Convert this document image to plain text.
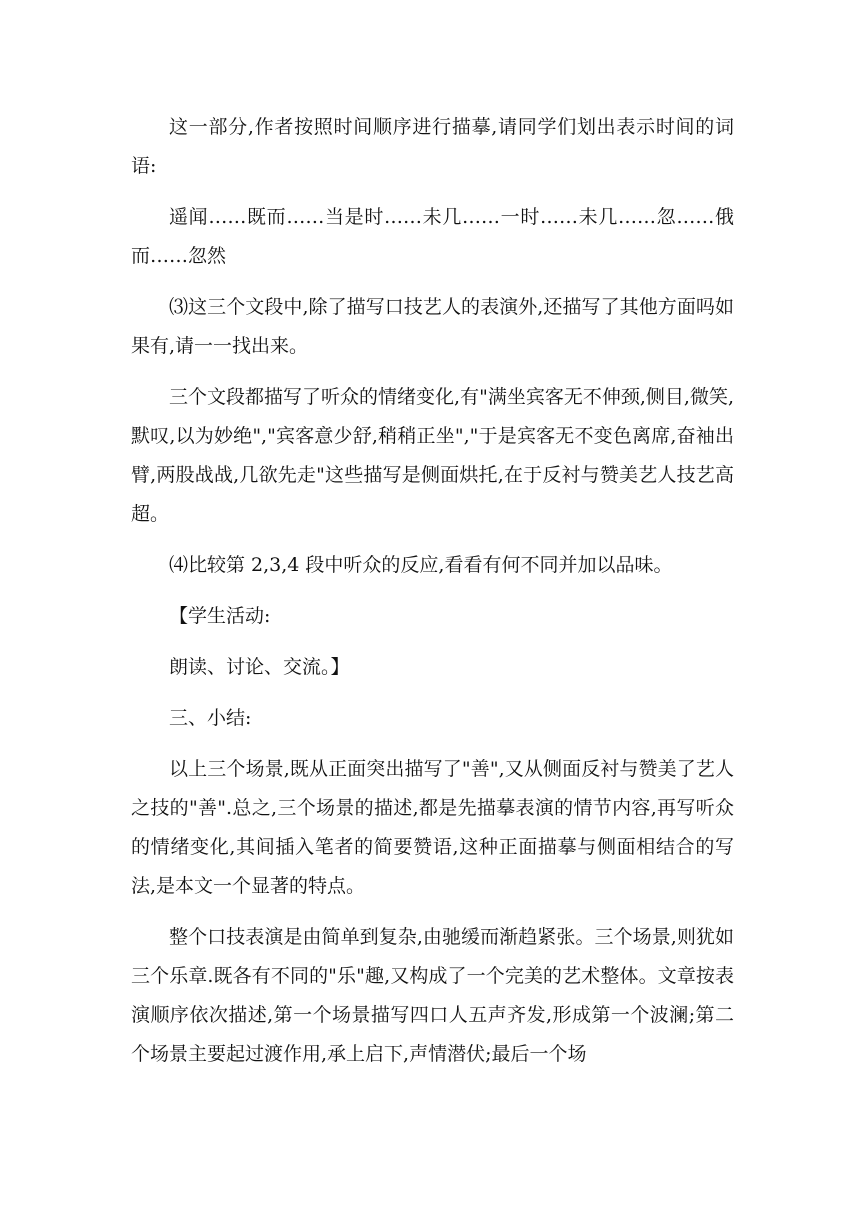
这一部分,作者按照时间顺序进行描摹,请同学们划出表示时间的词语:

遥闻……既而……当是时……未几……一时……未几……忽……俄而……忽然

⑶这三个文段中,除了描写口技艺人的表演外,还描写了其他方面吗如果有,请一一找出来。

三个文段都描写了听众的情绪变化,有"满坐宾客无不伸颈,侧目,微笑,默叹,以为妙绝","宾客意少舒,稍稍正坐","于是宾客无不变色离席,奋袖出臂,两股战战,几欲先走"这些描写是侧面烘托,在于反衬与赞美艺人技艺高超。

⑷比较第 2,3,4 段中听众的反应,看看有何不同并加以品味。

【学生活动:

朗读、讨论、交流。】

三、小结:

以上三个场景,既从正面突出描写了"善",又从侧面反衬与赞美了艺人之技的"善".总之,三个场景的描述,都是先描摹表演的情节内容,再写听众的情绪变化,其间插入笔者的简要赞语,这种正面描摹与侧面相结合的写法,是本文一个显著的特点。

整个口技表演是由简单到复杂,由驰缓而渐趋紧张。三个场景,则犹如三个乐章.既各有不同的"乐"趣,又构成了一个完美的艺术整体。文章按表演顺序依次描述,第一个场景描写四口人五声齐发,形成第一个波澜;第二个场景主要起过渡作用,承上启下,声情潜伏;最后一个场
